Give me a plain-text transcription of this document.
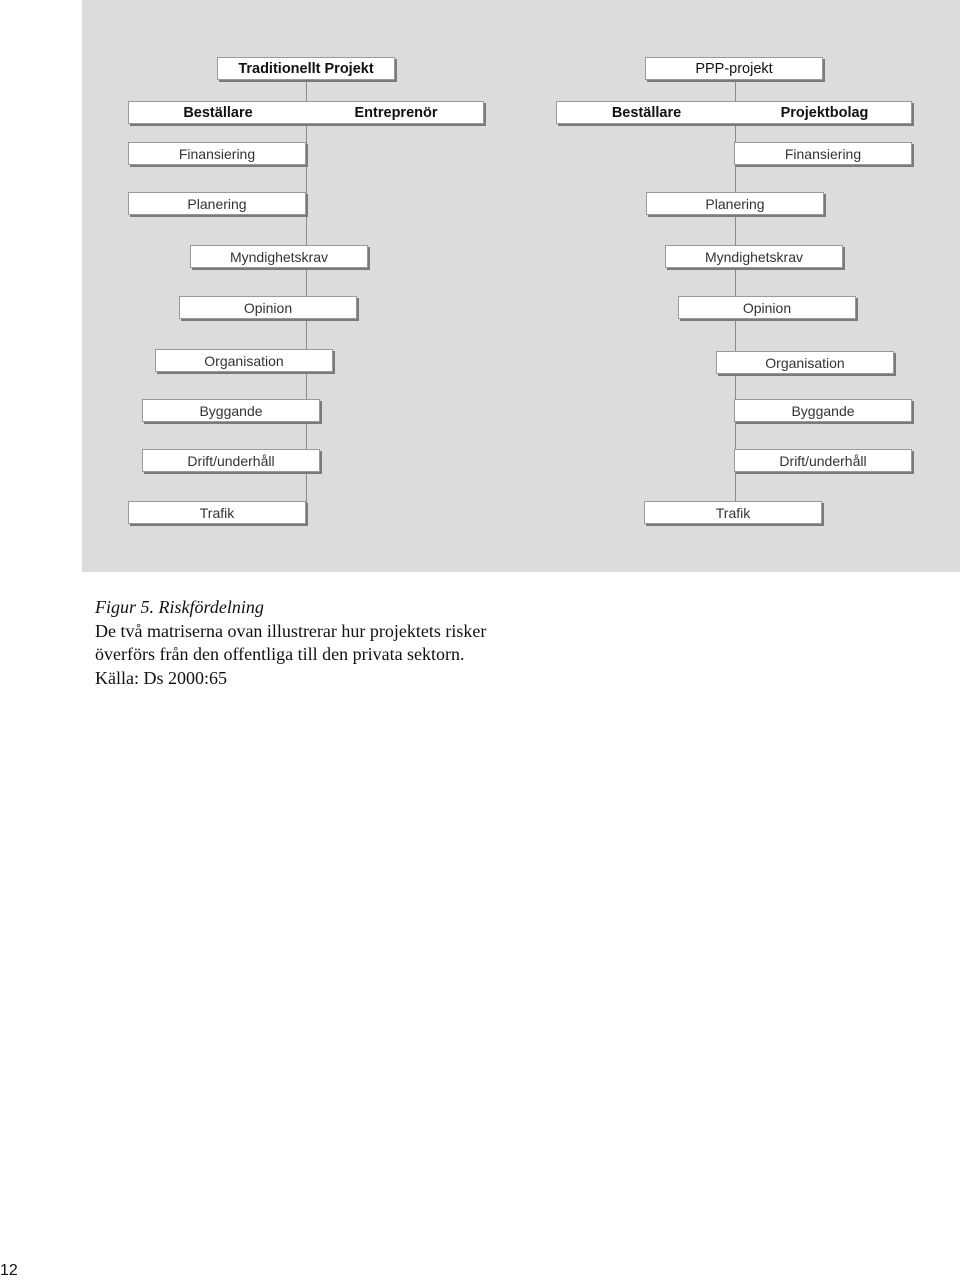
Traditionellt Projekt
Beställare	Entreprenör
Finansiering
Planering
Myndighetskrav
Opinion
Organisation
Byggande
Drift/underhåll
Trafik
PPP-projekt
Beställare	Projektbolag
Finansiering
Planering
Myndighetskrav
Opinion
Organisation
Byggande
Drift/underhåll
Trafik
Figur 5. Riskfördelning
De två matriserna ovan illustrerar hur projektets risker
överförs från den offentliga till den privata sektorn.
Källa: Ds 2000:65
12
